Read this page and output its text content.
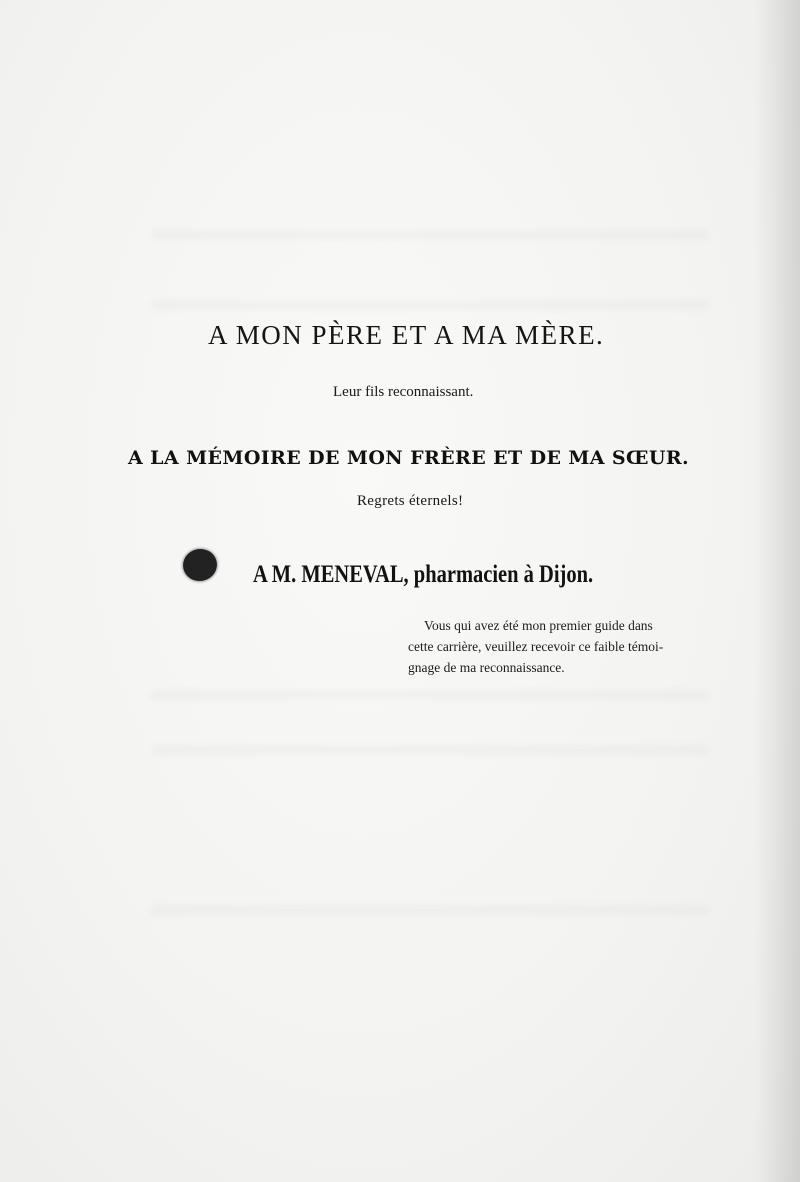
A MON PÈRE ET A MA MÈRE.
Leur fils reconnaissant.
A LA MÉMOIRE DE MON FRÈRE ET DE MA SŒUR.
Regrets éternels!
A M. MENEVAL, pharmacien à Dijon.
Vous qui avez été mon premier guide dans
cette carrière, veuillez recevoir ce faible témoi-
gnage de ma reconnaissance.
